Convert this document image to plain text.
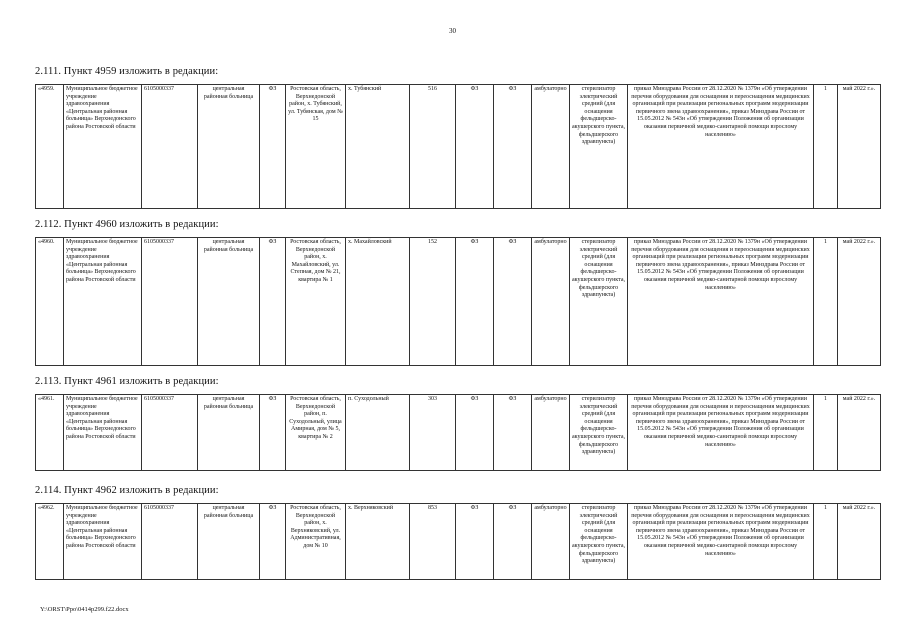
30
2.111. Пункт 4959 изложить в редакции:
«4959.	Муниципальное бюджетное учреждение здравоохранения «Центральная районная больница» Верхнедонского района Ростовской области	6105000337	центральная районная больница	ФЗ	Ростовская область, Верхнедонской район, х. Тубянский, ул. Тубянская, дом № 15	х. Тубянский	516	ФЗ	ФЗ	амбулаторно	стерилизатор электрический средний (для оснащения фельдшерско-акушерского пункта, фельдшерского здравпункта)	приказ Минздрава России от 28.12.2020 № 1379н «Об утверждении перечня оборудования для оснащения и переоснащения медицинских организаций при реализации региональных программ модернизации первичного звена здравоохранения», приказ Минздрава России от 15.05.2012 № 543н «Об утверждении Положения об организации оказания первичной медико-санитарной помощи взрослому населению»	1	май 2022 г.».
2.112. Пункт 4960 изложить в редакции:
«4960.	Муниципальное бюджетное учреждение здравоохранения «Центральная районная больница» Верхнедонского района Ростовской области	6105000337	центральная районная больница	ФЗ	Ростовская область, Верхнедонской район, х. Махайловский, ул. Степная, дом № 21, квартира № 1	х. Махайловский	152	ФЗ	ФЗ	амбулаторно	стерилизатор электрический средний (для оснащения фельдшерско-акушерского пункта, фельдшерского здравпункта)	приказ Минздрава России от 28.12.2020 № 1379н «Об утверждении перечня оборудования для оснащения и переоснащения медицинских организаций при реализации региональных программ модернизации первичного звена здравоохранения», приказ Минздрава России от 15.05.2012 № 543н «Об утверждении Положения об организации оказания первичной медико-санитарной помощи взрослому населению»	1	май 2022 г.».
2.113. Пункт 4961 изложить в редакции:
«4961.	Муниципальное бюджетное учреждение здравоохранения «Центральная районная больница» Верхнедонского района Ростовской области	6105000337	центральная районная больница	ФЗ	Ростовская область, Верхнедонской район, п. Суходольный, улица Амирная, дом № 5, квартира № 2	п. Суходольный	303	ФЗ	ФЗ	амбулаторно	стерилизатор электрический средний (для оснащения фельдшерско-акушерского пункта, фельдшерского здравпункта)	приказ Минздрава России от 28.12.2020 № 1379н «Об утверждении перечня оборудования для оснащения и переоснащения медицинских организаций при реализации региональных программ модернизации первичного звена здравоохранения», приказ Минздрава России от 15.05.2012 № 543н «Об утверждении Положения об организации оказания первичной медико-санитарной помощи взрослому населению»	1	май 2022 г.».
2.114. Пункт 4962 изложить в редакции:
«4962.	Муниципальное бюджетное учреждение здравоохранения «Центральная районная больница» Верхнедонского района Ростовской области	6105000337	центральная районная больница	ФЗ	Ростовская область, Верхнедонской район, х. Верхняковский, ул. Административная, дом № 10	х. Верхняковский	853	ФЗ	ФЗ	амбулаторно	стерилизатор электрический средний (для оснащения фельдшерско-акушерского пункта, фельдшерского здравпункта)	приказ Минздрава России от 28.12.2020 № 1379н «Об утверждении перечня оборудования для оснащения и переоснащения медицинских организаций при реализации региональных программ модернизации первичного звена здравоохранения», приказ Минздрава России от 15.05.2012 № 543н «Об утверждении Положения об организации оказания первичной медико-санитарной помощи взрослому населению»	1	май 2022 г.».
Y:\ORST\Ppo\0414p299.f22.docx
